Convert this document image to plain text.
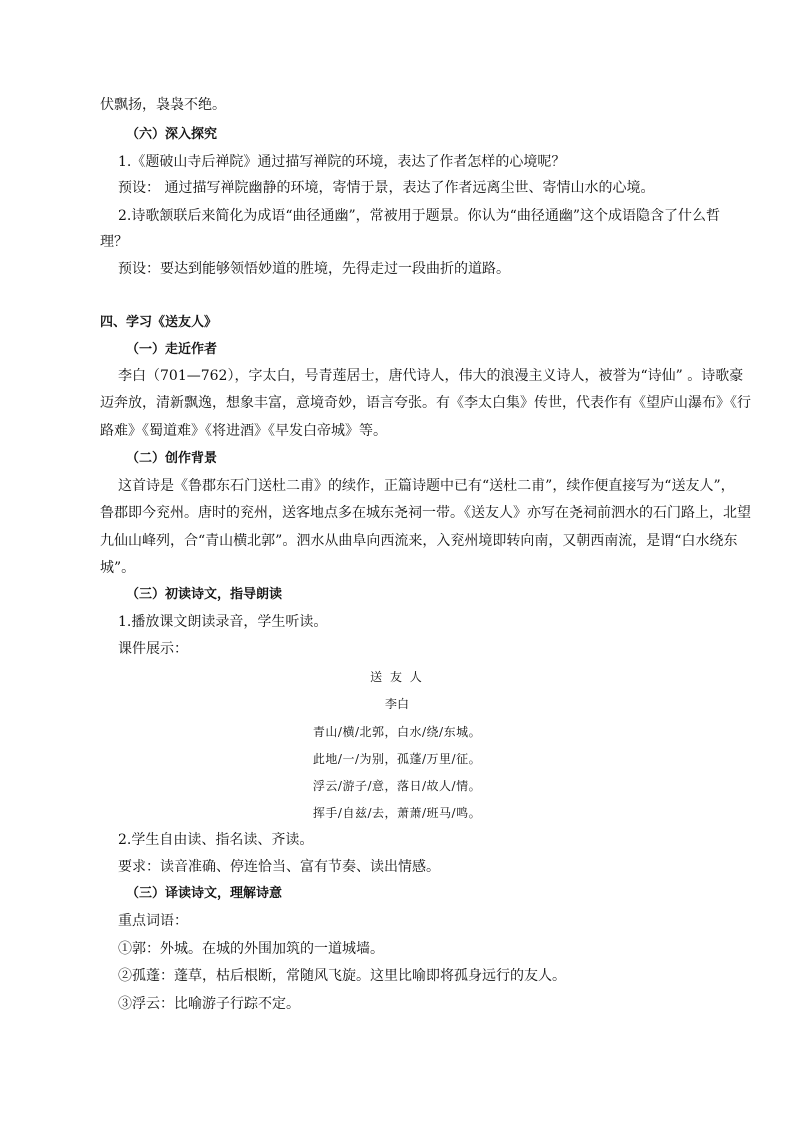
伏飘扬，袅袅不绝。
（六）深入探究
1.《题破山寺后禅院》通过描写禅院的环境，表达了作者怎样的心境呢？
预设： 通过描写禅院幽静的环境，寄情于景，表达了作者远离尘世、寄情山水的心境。
2.诗歌颔联后来简化为成语“曲径通幽”，常被用于题景。你认为“曲径通幽”这个成语隐含了什么哲
理？
预设：要达到能够领悟妙道的胜境，先得走过一段曲折的道路。
四、学习《送友人》
（一）走近作者
李白（701—762），字太白，号青莲居士，唐代诗人，伟大的浪漫主义诗人，被誉为“诗仙” 。诗歌豪
迈奔放，清新飘逸，想象丰富，意境奇妙，语言夸张。有《李太白集》传世，代表作有《望庐山瀑布》《行
路难》《蜀道难》《将进酒》《早发白帝城》等。
（二）创作背景
这首诗是《鲁郡东石门送杜二甫》的续作，正篇诗题中已有“送杜二甫”，续作便直接写为“送友人”，
鲁郡即今兖州。唐时的兖州，送客地点多在城东尧祠一带。《送友人》亦写在尧祠前泗水的石门路上，北望
九仙山峰列，合“青山横北郭”。泗水从曲阜向西流来，入兖州境即转向南，又朝西南流，是谓“白水绕东
城”。
（三）初读诗文，指导朗读
1.播放课文朗读录音，学生听读。
课件展示：
送 友 人
李白
青山/横/北郭，白水/绕/东城。
此地/一/为别，孤蓬/万里/征。
浮云/游子/意，落日/故人/情。
挥手/自兹/去，萧萧/班马/鸣。
2.学生自由读、指名读、齐读。
要求：读音准确、停连恰当、富有节奏、读出情感。
（三）译读诗文，理解诗意
重点词语：
①郭：外城。在城的外围加筑的一道城墙。
②孤蓬：蓬草，枯后根断，常随风飞旋。这里比喻即将孤身远行的友人。
③浮云：比喻游子行踪不定。
